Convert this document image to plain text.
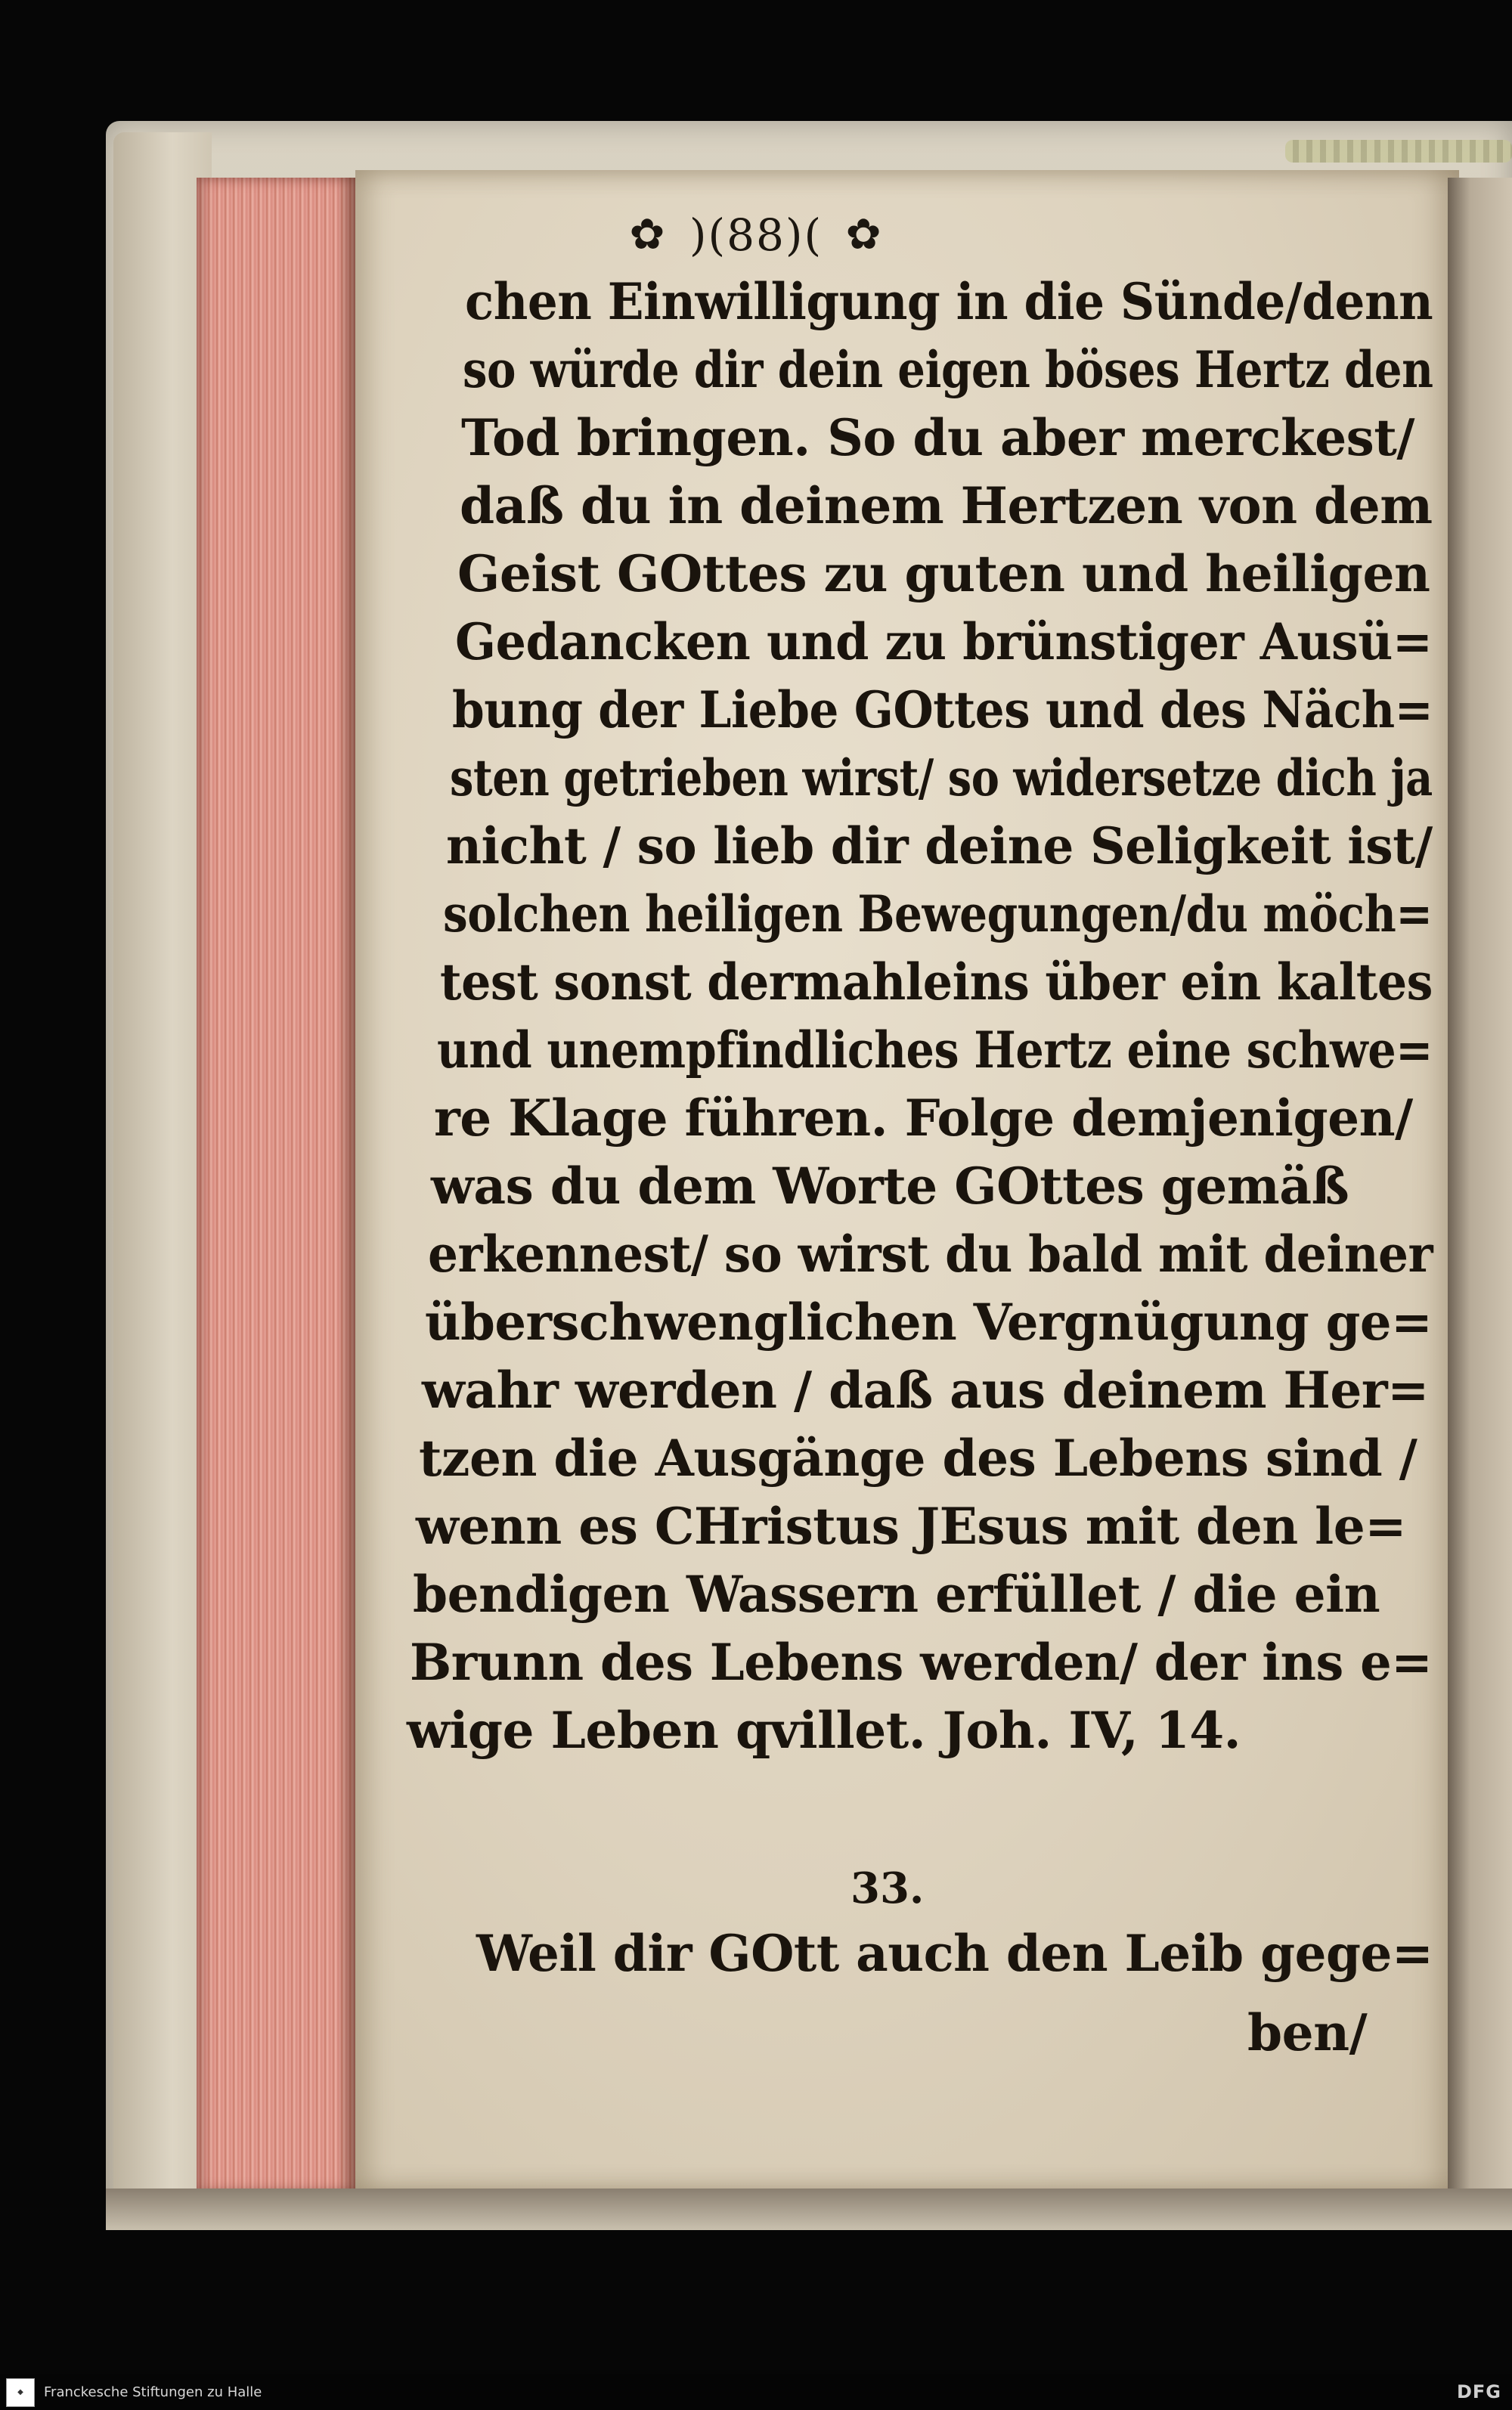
✿ )(88)( ✿
chen Einwilligung in die Sünde/denn
so würde dir dein eigen böses Hertz den
Tod bringen. So du aber merckest/
daß du in deinem Hertzen von dem
Geist GOttes zu guten und heiligen
Gedancken und zu brünstiger Ausü=
bung der Liebe GOttes und des Näch=
sten getrieben wirst/ so widersetze dich ja
nicht / so lieb dir deine Seligkeit ist/
solchen heiligen Bewegungen/du möch=
test sonst dermahleins über ein kaltes
und unempfindliches Hertz eine schwe=
re Klage führen. Folge demjenigen/
was du dem Worte GOttes gemäß
erkennest/ so wirst du bald mit deiner
überschwenglichen Vergnügung ge=
wahr werden / daß aus deinem Her=
tzen die Ausgänge des Lebens sind /
wenn es CHristus JEsus mit den le=
bendigen Wassern erfüllet / die ein
Brunn des Lebens werden/ der ins e=
wige Leben qvillet. Joh. IV, 14.
33.
Weil dir GOtt auch den Leib gege=
ben/
◆	Franckesche Stiftungen zu Halle	DFG
